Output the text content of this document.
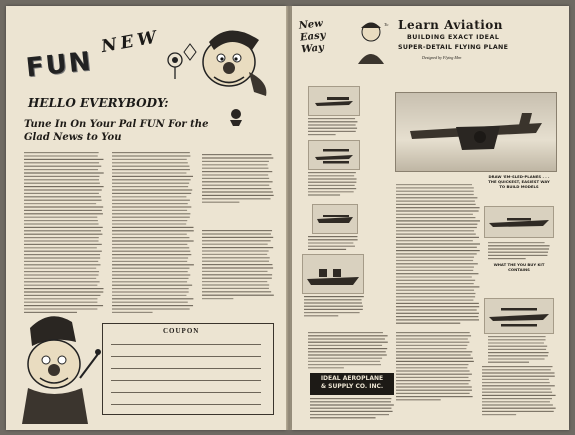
NEW
FUN
HELLO EVERYBODY:
Tune In On Your Pal FUN For the Glad News to You
COUPON
New Easy Way
To Learn Aviation
BUILDING EXACT IDEAL
SUPER-DETAIL FLYING PLANE
Designed by Flying Men
DRAW 'EM-SLED-PLANES . . . THE QUICKEST, EASIEST WAY TO BUILD MODELS
WHAT THE YOU BUY KIT CONTAINS
IDEAL AEROPLANE
& SUPPLY CO. INC.
